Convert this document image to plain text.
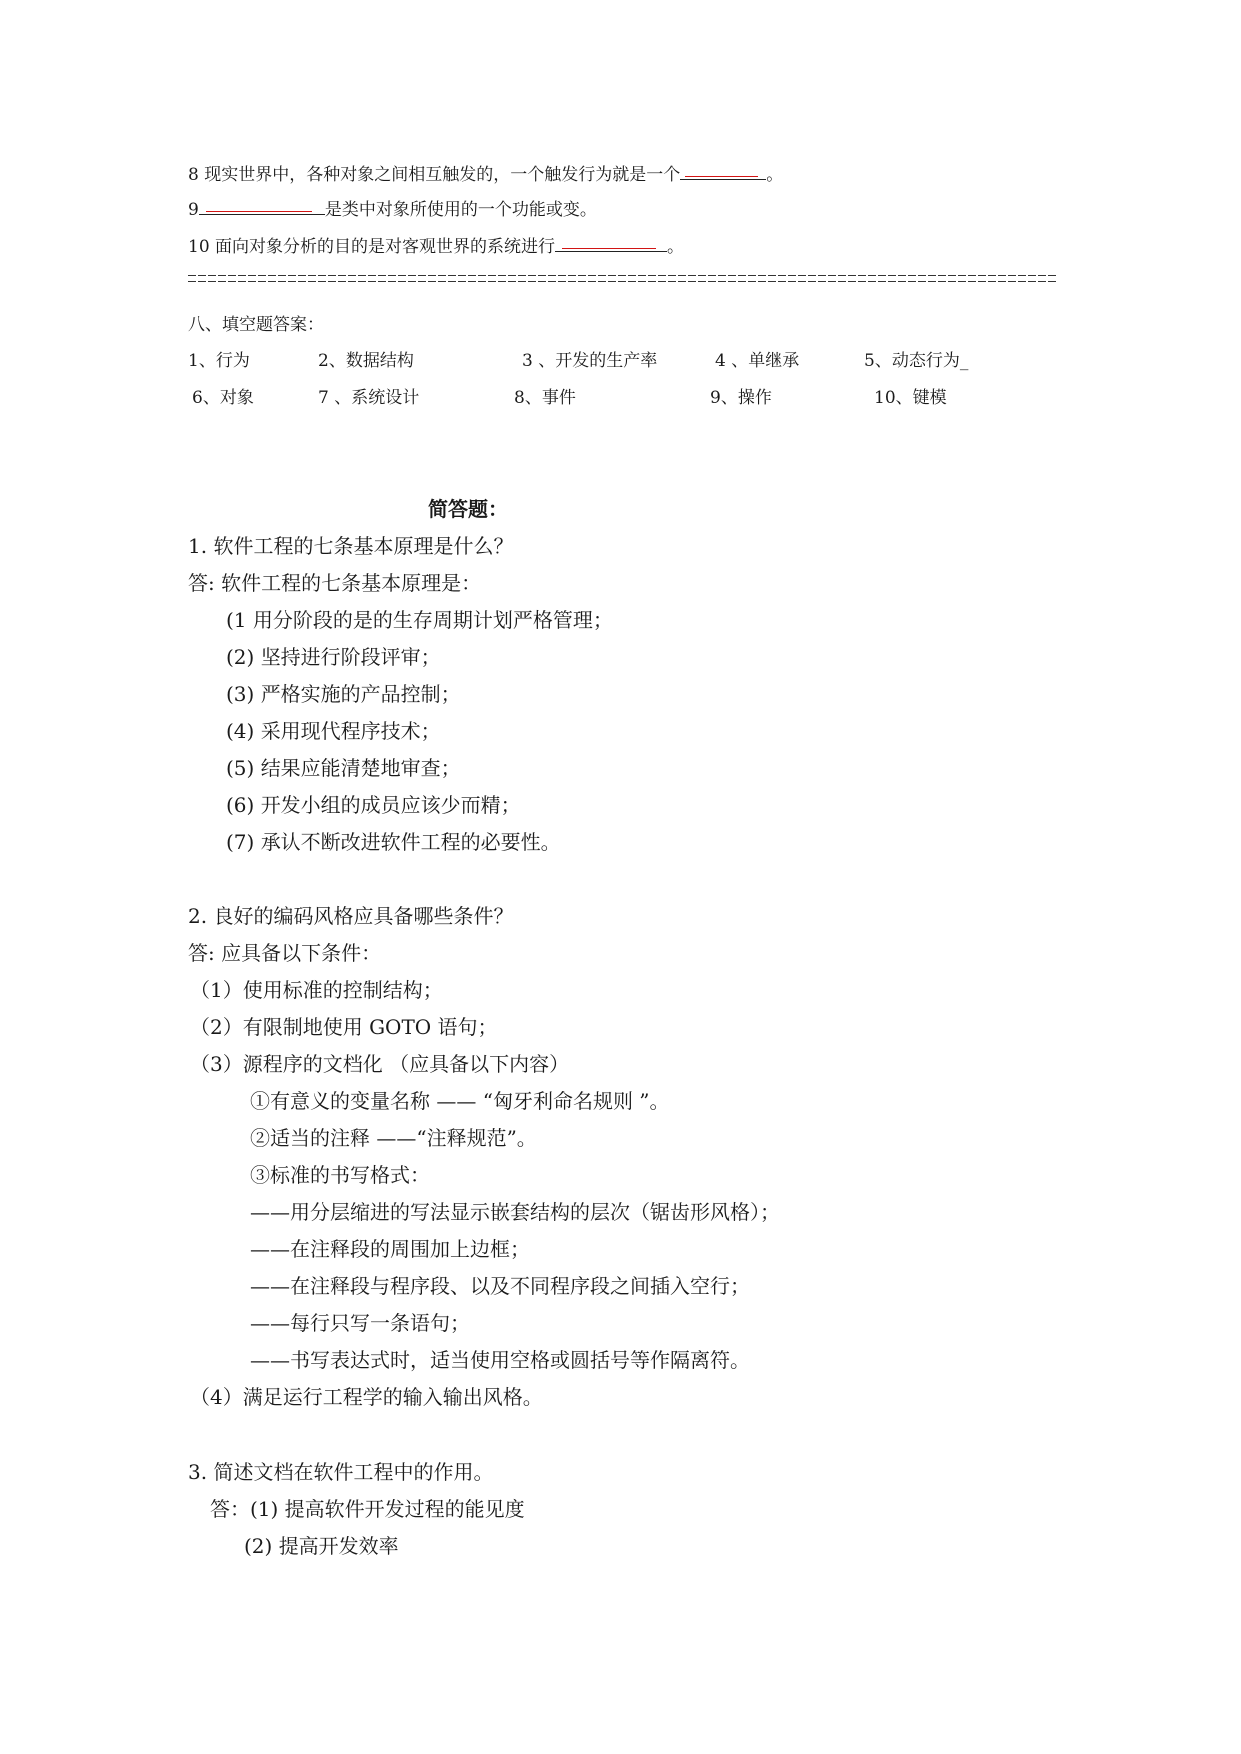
8 现实世界中，各种对象之间相互触发的，一个触发行为就是一个	。
9	是类中对象所使用的一个功能或变。
10 面向对象分析的目的是对客观世界的系统进行	。
八、填空题答案：
1、行为	2、数据结构	3 、开发的生产率	4 、单继承	5、动态行为_
6、对象	7 、系统设计	8、事件	9、操作	10、键模
简答题：
1. 软件工程的七条基本原理是什么？
答: 软件工程的七条基本原理是：
(1 用分阶段的是的生存周期计划严格管理；
(2) 坚持进行阶段评审；
(3) 严格实施的产品控制；
(4) 采用现代程序技术；
(5) 结果应能清楚地审查；
(6) 开发小组的成员应该少而精；
(7) 承认不断改进软件工程的必要性。
2. 良好的编码风格应具备哪些条件？
答: 应具备以下条件：
（1）使用标准的控制结构；
（2）有限制地使用 GOTO 语句；
（3）源程序的文档化 （应具备以下内容）
①有意义的变量名称 —— “匈牙利命名规则 ”。
②适当的注释 ——“注释规范”。
③标准的书写格式：
——用分层缩进的写法显示嵌套结构的层次（锯齿形风格）；
——在注释段的周围加上边框；
——在注释段与程序段、以及不同程序段之间插入空行；
——每行只写一条语句；
——书写表达式时，适当使用空格或圆括号等作隔离符。
（4）满足运行工程学的输入输出风格。
3. 简述文档在软件工程中的作用。
答：(1) 提高软件开发过程的能见度
(2) 提高开发效率
